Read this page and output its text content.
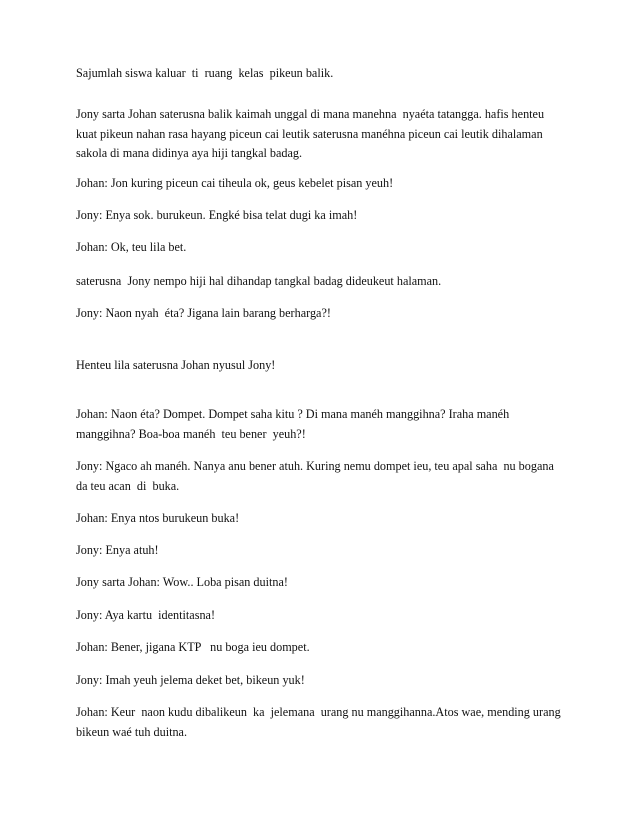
Sajumlah siswa kaluar  ti  ruang  kelas  pikeun balik.

Jony sarta Johan saterusna balik kaimah unggal di mana manehna  nyaéta tatangga. hafis henteu kuat pikeun nahan rasa hayang piceun cai leutik saterusna manéhna piceun cai leutik dihalaman sakola di mana didinya aya hiji tangkal badag.

Johan: Jon kuring piceun cai tiheula ok, geus kebelet pisan yeuh!

Jony: Enya sok. burukeun. Engké bisa telat dugi ka imah!

Johan: Ok, teu lila bet.

saterusna  Jony nempo hiji hal dihandap tangkal badag dideukeut halaman.

Jony: Naon nyah  éta? Jigana lain barang berharga?!

Henteu lila saterusna Johan nyusul Jony!

Johan: Naon éta? Dompet. Dompet saha kitu ? Di mana manéh manggihna? Iraha manéh manggihna? Boa-boa manéh  teu bener  yeuh?!

Jony: Ngaco ah manéh. Nanya anu bener atuh. Kuring nemu dompet ieu, teu apal saha  nu bogana da teu acan  di  buka.

Johan: Enya ntos burukeun buka!

Jony: Enya atuh!

Jony sarta Johan: Wow.. Loba pisan duitna!

Jony: Aya kartu  identitasna!

Johan: Bener, jigana KTP   nu boga ieu dompet.

Jony: Imah yeuh jelema deket bet, bikeun yuk!

Johan: Keur  naon kudu dibalikeun  ka  jelemana  urang nu manggihanna.Atos wae, mending urang bikeun waé tuh duitna.
